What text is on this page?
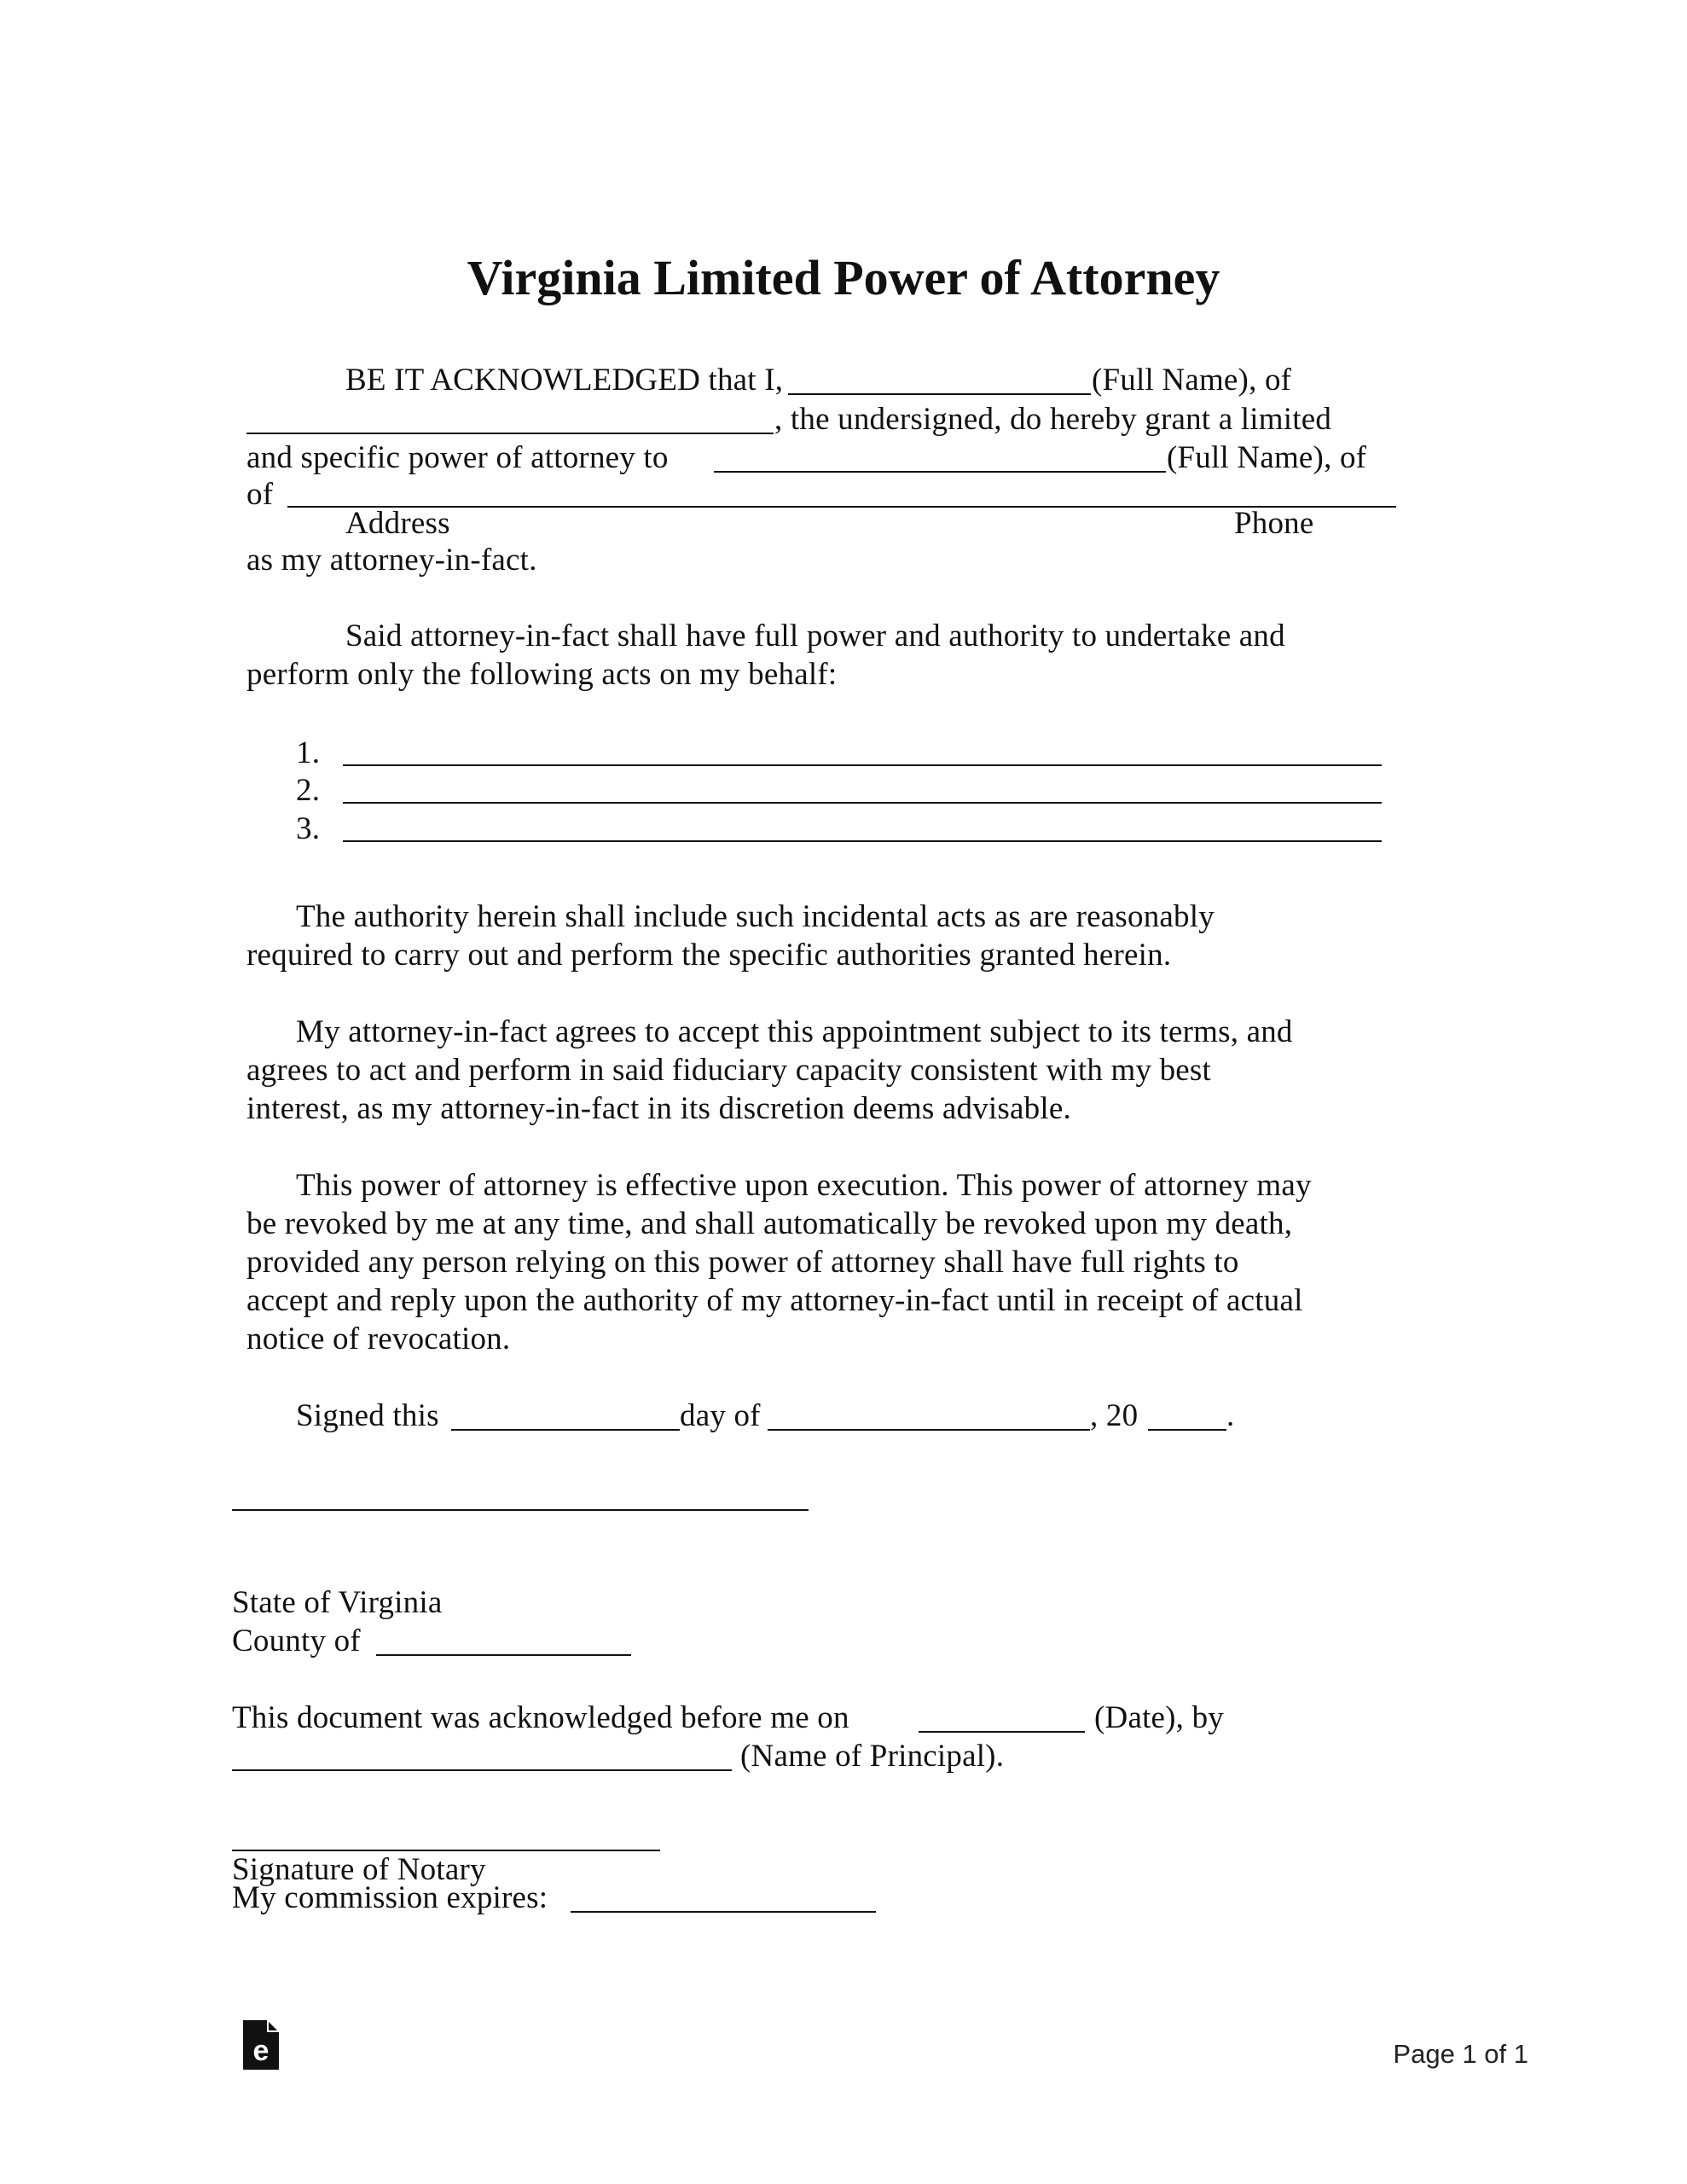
Virginia Limited Power of Attorney
BE IT ACKNOWLEDGED that I,	(Full Name), of
, the undersigned, do hereby grant a limited
and specific power of attorney to	(Full Name), of
of
Address	Phone
as my attorney-in-fact.
Said attorney-in-fact shall have full power and authority to undertake and
perform only the following acts on my behalf:
1.
2.
3.
The authority herein shall include such incidental acts as are reasonably
required to carry out and perform the specific authorities granted herein.
My attorney-in-fact agrees to accept this appointment subject to its terms, and
agrees to act and perform in said fiduciary capacity consistent with my best
interest, as my attorney-in-fact in its discretion deems advisable.
This power of attorney is effective upon execution. This power of attorney may
be revoked by me at any time, and shall automatically be revoked upon my death,
provided any person relying on this power of attorney shall have full rights to
accept and reply upon the authority of my attorney-in-fact until in receipt of actual
notice of revocation.
Signed this	day of	, 20	.
State of Virginia
County of
This document was acknowledged before me on	(Date), by
(Name of Principal).
Signature of Notary
My commission expires:
e	Page 1 of 1
